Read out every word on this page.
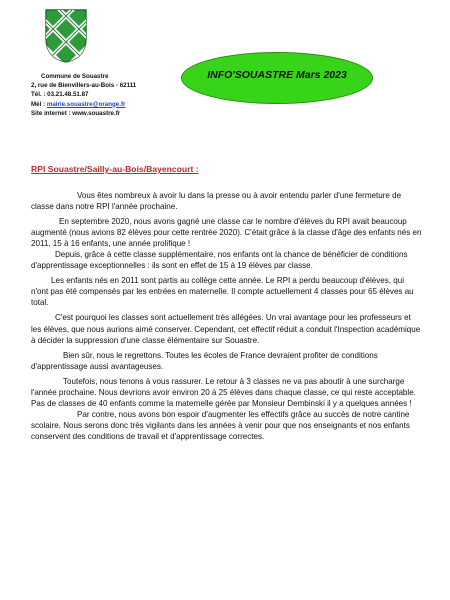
Commune de Souastre
2, rue de Bienvillers-au-Bois - 62111
Tél. : 03.21.48.51.87
Mél : mairie.souastre@orange.fr
Site internet : www.souastre.fr
INFO'SOUASTRE Mars 2023
RPI Souastre/Sailly-au-Bois/Bayencourt :

Vous êtes nombreux à avoir lu dans la presse ou à avoir entendu parler d'une fermeture de classe dans notre RPI l'année prochaine.

En septembre 2020, nous avons gagné une classe car le nombre d'élèves du RPI avait beaucoup augmenté (nous avions 82 élèves pour cette rentrée 2020). C'était grâce à la classe d'âge des enfants nés en 2011, 15 à 16 enfants, une année prolifique !

Depuis, grâce à cette classe supplémentaire, nos enfants ont la chance de bénéficier de conditions d'apprentissage exceptionnelles : ils sont en effet de 15 à 19 élèves par classe.

Les enfants nés en 2011 sont partis au collège cette année. Le RPI a perdu beaucoup d'élèves, qui n'ont pas été compensés par les entrées en maternelle. Il compte actuellement 4 classes pour 65 élèves au total.

C'est pourquoi les classes sont actuellement très allégées. Un vrai avantage pour les professeurs et les élèves, que nous aurions aimé conserver. Cependant, cet effectif réduit a conduit l'Inspection académique à décider la suppression d'une classe élémentaire sur Souastre.

Bien sûr, nous le regrettons. Toutes les écoles de France devraient profiter de conditions d'apprentissage aussi avantageuses.

Toutefois, nous tenons à vous rassurer. Le retour à 3 classes ne va pas aboutir à une surcharge l'année prochaine. Nous devrions avoir environ 20 à 25 élèves dans chaque classe, ce qui reste acceptable. Pas de classes de 40 enfants comme la maternelle gérée par Monsieur Dembinski il y a quelques années !

Par contre, nous avons bon espoir d'augmenter les effectifs grâce au succès de notre cantine scolaire. Nous serons donc très vigilants dans les années à venir pour que nos enseignants et nos enfants conservent des conditions de travail et d'apprentissage correctes.
